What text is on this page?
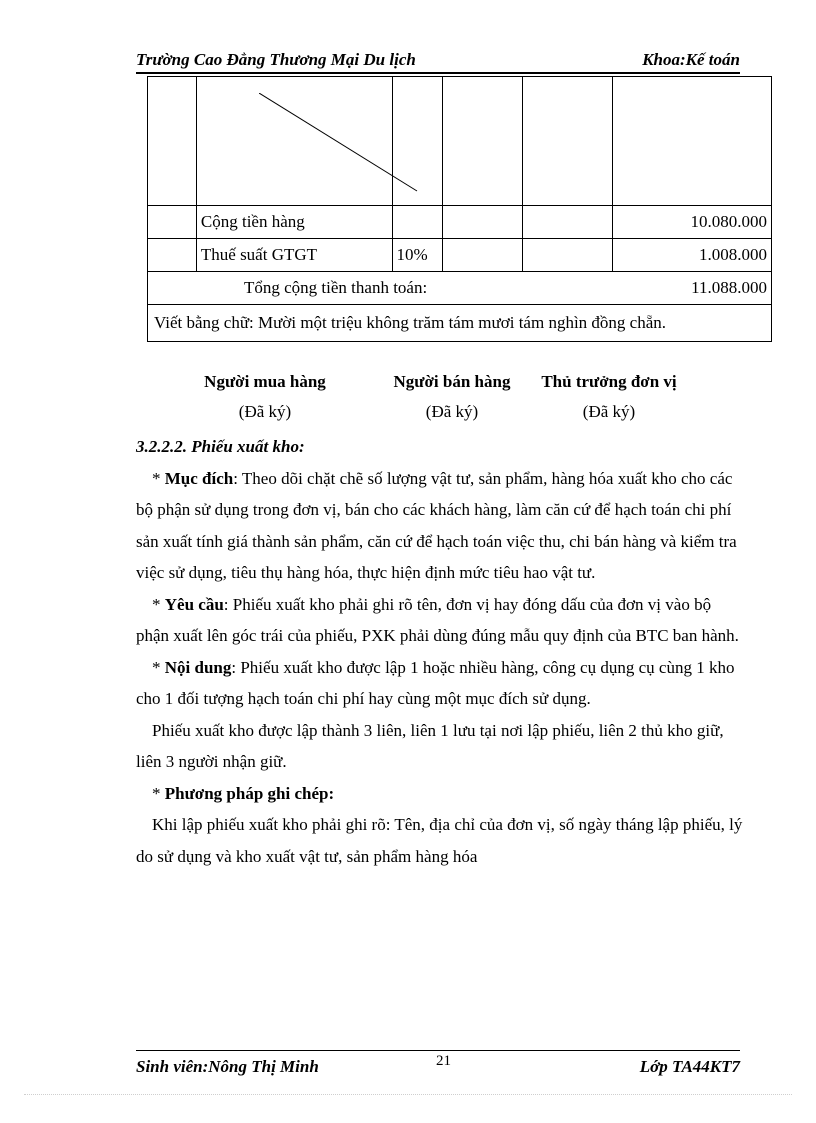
Trường Cao Đẳng Thương Mại Du lịch	Khoa:Kế toán

	Cộng tiền hàng				10.080.000
	Thuế suất GTGT	10%			1.008.000
Tổng cộng tiền thanh toán:					11.088.000
Viết bằng chữ: Mười một triệu không trăm tám mươi tám nghìn đồng chẵn.					
Người mua hàng
(Đã ký)
Người bán hàng
(Đã ký)
Thủ trưởng đơn vị
(Đã ký)

3.2.2.2. Phiếu xuất kho:

* Mục đích: Theo dõi chặt chẽ số lượng vật tư, sản phẩm, hàng hóa xuất kho cho các bộ phận sử dụng trong đơn vị, bán cho các khách hàng, làm căn cứ để hạch toán chi phí sản xuất tính giá thành sản phẩm, căn cứ để hạch toán việc thu, chi bán hàng và kiểm tra việc sử dụng, tiêu thụ hàng hóa, thực hiện định mức tiêu hao vật tư.

* Yêu cầu: Phiếu xuất kho phải ghi rõ tên, đơn vị hay đóng dấu của đơn vị vào bộ phận xuất lên góc trái của phiếu, PXK phải dùng đúng mẫu quy định của BTC ban hành.

* Nội dung: Phiếu xuất kho được lập 1 hoặc nhiều hàng, công cụ dụng cụ cùng 1 kho cho 1 đối tượng hạch toán chi phí hay cùng một mục đích sử dụng.

Phiếu xuất kho được lập thành 3 liên, liên 1 lưu tại nơi lập phiếu, liên 2 thủ kho giữ, liên 3 người nhận giữ.

* Phương pháp ghi chép:

Khi lập phiếu xuất kho phải ghi rõ: Tên, địa chỉ của đơn vị, số ngày tháng lập phiếu, lý do sử dụng và kho xuất vật tư, sản phẩm hàng hóa

Sinh viên:Nông Thị Minh	21	Lớp TA44KT7
